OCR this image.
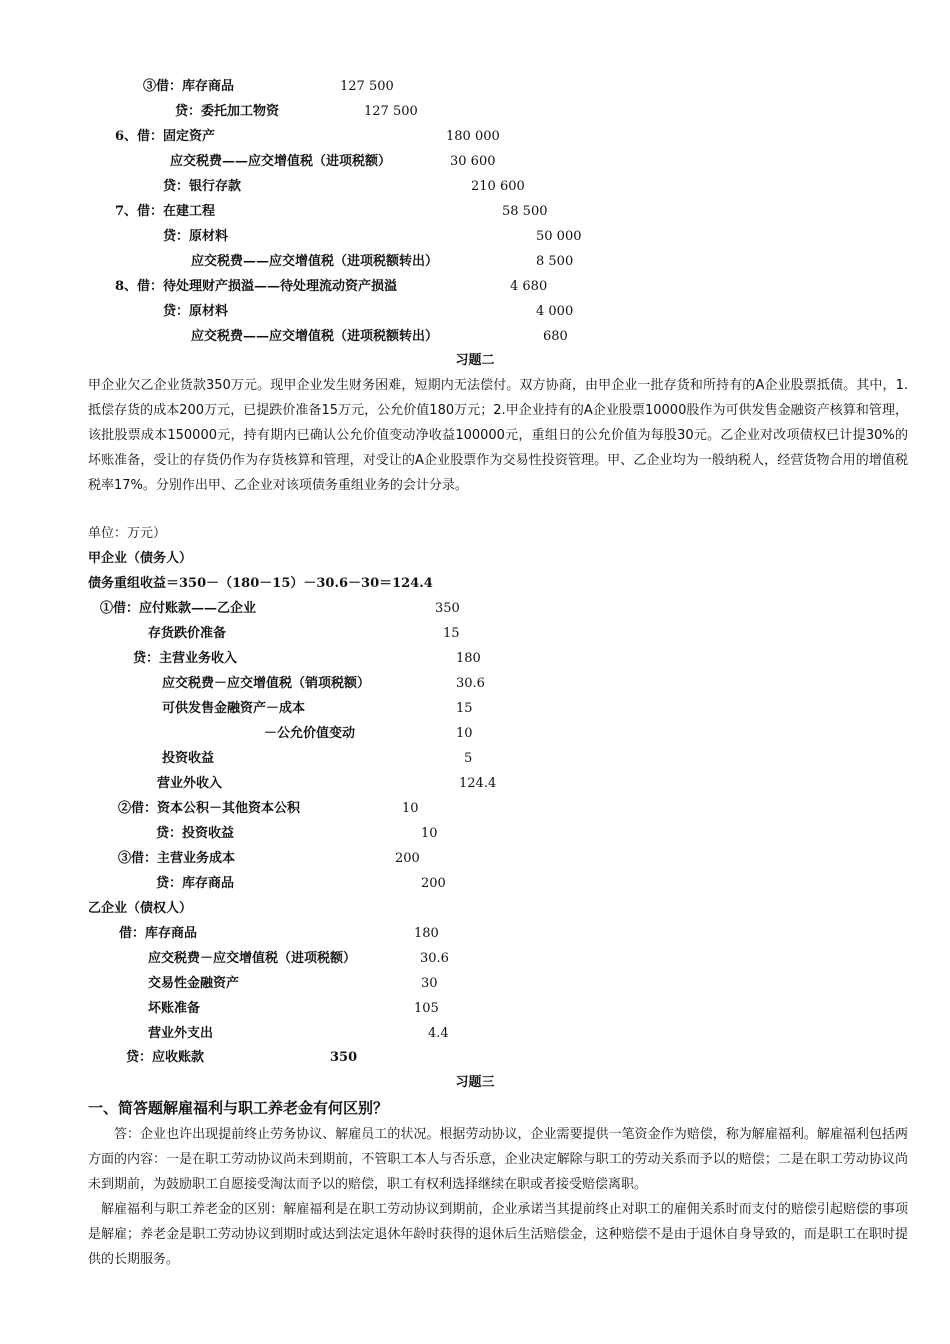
③借：库存商品	127 500
贷：委托加工物资	127 500
6、借：固定资产	180 000
应交税费——应交增值税（进项税额）	30 600
贷：银行存款	210 600
7、借：在建工程	58 500
贷：原材料	50 000
应交税费——应交增值税（进项税额转出）	8 500
8、借：待处理财产损溢——待处理流动资产损溢	4 680
贷：原材料	4 000
应交税费——应交增值税（进项税额转出）	680
习题二
甲企业欠乙企业货款350万元。现甲企业发生财务困难，短期内无法偿付。双方协商，由甲企业一批存货和所持有的A企业股票抵债。其中，1.抵偿存货的成本200万元，已提跌价准备15万元，公允价值180万元；2.甲企业持有的A企业股票10000股作为可供发售金融资产核算和管理，该批股票成本150000元，持有期内已确认公允价值变动净收益100000元，重组日的公允价值为每股30元。乙企业对改项债权已计提30%的坏账准备，受让的存货仍作为存货核算和管理，对受让的A企业股票作为交易性投资管理。甲、乙企业均为一般纳税人，经营货物合用的增值税税率17%。分别作出甲、乙企业对该项债务重组业务的会计分录。
单位：万元）
甲企业（债务人）
债务重组收益＝350－（180－15）－30.6－30＝124.4
①借：应付账款——乙企业	350
存货跌价准备	15
贷：主营业务收入	180
应交税费－应交增值税（销项税额）	30.6
可供发售金融资产－成本	15
－公允价值变动	10
投资收益	5
营业外收入	124.4
②借：资本公积－其他资本公积	10
贷：投资收益	10
③借：主营业务成本	200
贷：库存商品	200
乙企业（债权人）
借：库存商品	180
应交税费－应交增值税（进项税额）	30.6
交易性金融资产	30
坏账准备	105
营业外支出	4.4
贷：应收账款	350
习题三
一、简答题解雇福利与职工养老金有何区别？
答：企业也许出现提前终止劳务协议、解雇员工的状况。根据劳动协议，企业需要提供一笔资金作为赔偿，称为解雇福利。解雇福利包括两方面的内容：一是在职工劳动协议尚未到期前，不管职工本人与否乐意，企业决定解除与职工的劳动关系而予以的赔偿；二是在职工劳动协议尚未到期前，为鼓励职工自愿接受淘汰而予以的赔偿，职工有权利选择继续在职或者接受赔偿离职。
解雇福利与职工养老金的区别：解雇福利是在职工劳动协议到期前，企业承诺当其提前终止对职工的雇佣关系时而支付的赔偿引起赔偿的事项是解雇；养老金是职工劳动协议到期时或达到法定退休年龄时获得的退休后生活赔偿金，这种赔偿不是由于退休自身导致的，而是职工在职时提供的长期服务。
